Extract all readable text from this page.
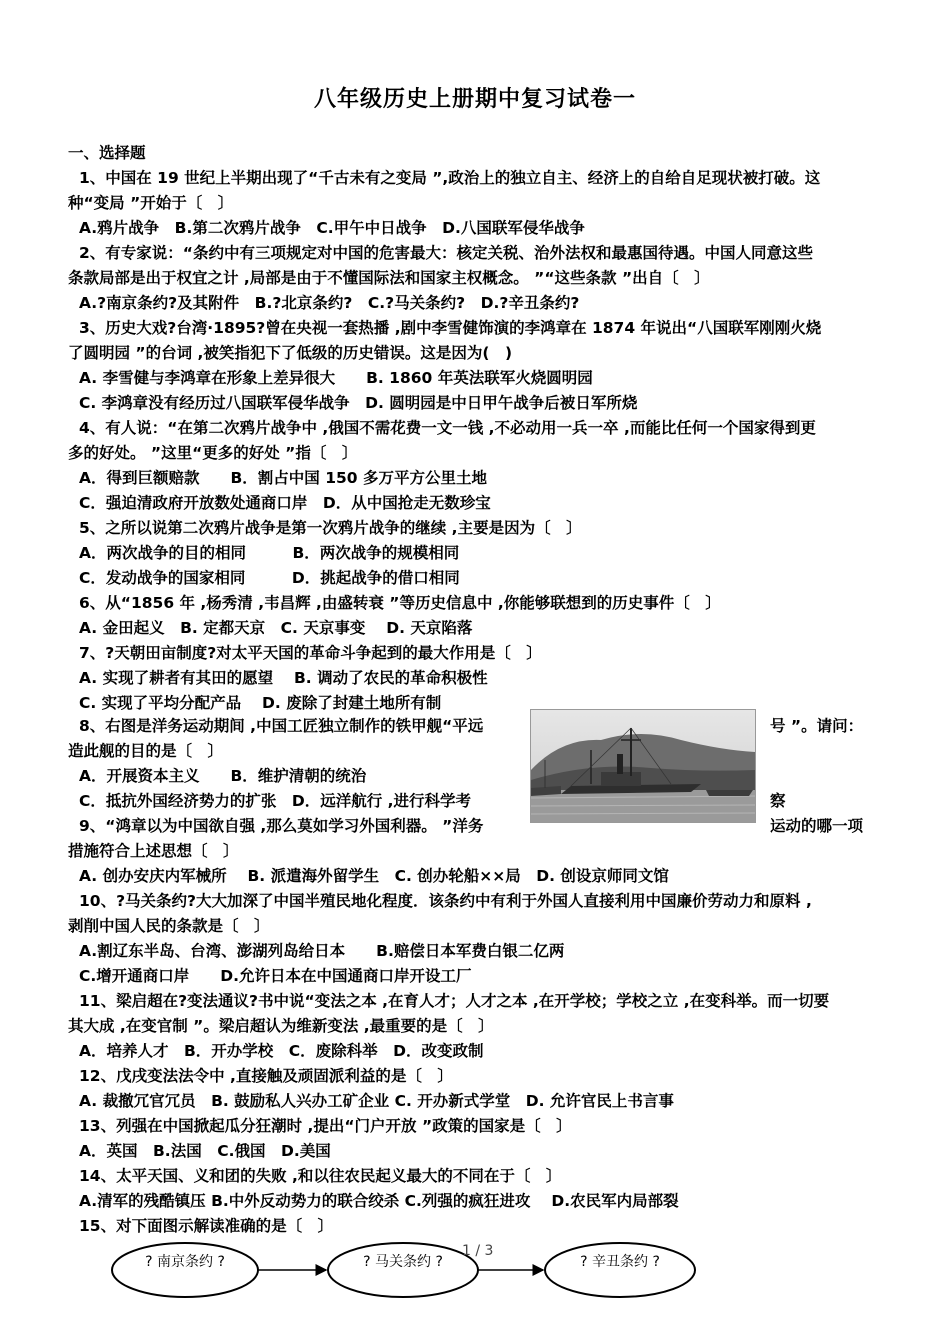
八年级历史上册期中复习试卷一
一、选择题
1、中国在 19 世纪上半期出现了“千古未有之变局 ”,政治上的独立自主、经济上的自给自足现状被打破。这
种“变局 ”开始于〔　〕
A.鸦片战争　B.第二次鸦片战争　C.甲午中日战争　D.八国联军侵华战争
2、有专家说：“条约中有三项规定对中国的危害最大：核定关税、治外法权和最惠国待遇。中国人同意这些
条款局部是出于权宜之计 ,局部是由于不懂国际法和国家主权概念。 ”“这些条款 ”出自〔　〕
A.?南京条约?及其附件　B.?北京条约?　C.?马关条约?　D.?辛丑条约?
3、历史大戏?台湾·1895?曾在央视一套热播 ,剧中李雪健饰演的李鸿章在 1874 年说出“八国联军刚刚火烧
了圆明园 ”的台词 ,被笑指犯下了低级的历史错误。这是因为(　)
A. 李雪健与李鸿章在形象上差异很大　　B. 1860 年英法联军火烧圆明园
C. 李鸿章没有经历过八国联军侵华战争　D. 圆明园是中日甲午战争后被日军所烧
4、有人说：“在第二次鸦片战争中 ,俄国不需花费一文一钱 ,不必动用一兵一卒 ,而能比任何一个国家得到更
多的好处。 ”这里“更多的好处 ”指〔　〕
A．得到巨额赔款　　B．割占中国 150 多万平方公里土地
C．强迫清政府开放数处通商口岸　D．从中国抢走无数珍宝
5、之所以说第二次鸦片战争是第一次鸦片战争的继续 ,主要是因为〔　〕
A．两次战争的目的相同　　　B．两次战争的规模相同
C．发动战争的国家相同　　　D．挑起战争的借口相同
6、从“1856 年 ,杨秀清 ,韦昌辉 ,由盛转衰 ”等历史信息中 ,你能够联想到的历史事件〔　〕
A. 金田起义　B. 定都天京　C. 天京事变　 D. 天京陷落
7、?天朝田亩制度?对太平天国的革命斗争起到的最大作用是〔　〕
A. 实现了耕者有其田的愿望　 B. 调动了农民的革命积极性
C. 实现了平均分配产品　 D. 废除了封建土地所有制
8、右图是洋务运动期间 ,中国工匠独立制作的铁甲舰“平远
造此舰的目的是〔　〕
A．开展资本主义　　B．维护清朝的统治
C．抵抗外国经济势力的扩张　D．远洋航行 ,进行科学考
9、“鸿章以为中国欲自强 ,那么莫如学习外国利器。 ”洋务
措施符合上述思想〔　〕
A. 创办安庆内军械所　 B. 派遣海外留学生　C. 创办轮船××局　D. 创设京师同文馆
10、?马关条约?大大加深了中国半殖民地化程度．该条约中有利于外国人直接利用中国廉价劳动力和原料 ,
剥削中国人民的条款是〔　〕
A.割辽东半岛、台湾、澎湖列岛给日本　　B.赔偿日本军费白银二亿两
C.增开通商口岸　　D.允许日本在中国通商口岸开设工厂
11、梁启超在?变法通议?书中说“变法之本 ,在育人才；人才之本 ,在开学校；学校之立 ,在变科举。而一切要
其大成 ,在变官制 ”。梁启超认为维新变法 ,最重要的是〔　〕
A．培养人才　B．开办学校　C．废除科举　D．改变政制
12、戊戌变法法令中 ,直接触及顽固派利益的是〔　〕
A. 裁撤冗官冗员　B. 鼓励私人兴办工矿企业 C. 开办新式学堂　D. 允许官民上书言事
13、列强在中国掀起瓜分狂潮时 ,提出“门户开放 ”政策的国家是〔　〕
A．英国　B.法国　C.俄国　D.美国
14、太平天国、义和团的失败 ,和以往农民起义最大的不同在于〔　〕
A.清军的残酷镇压 B.中外反动势力的联合绞杀 C.列强的疯狂进攻　 D.农民军内局部裂
15、对下面图示解读准确的是〔　〕
号 ”。请问：
察
运动的哪一项
? 南京条约 ?	? 马关条约 ?	? 辛丑条约 ?
1 / 3
